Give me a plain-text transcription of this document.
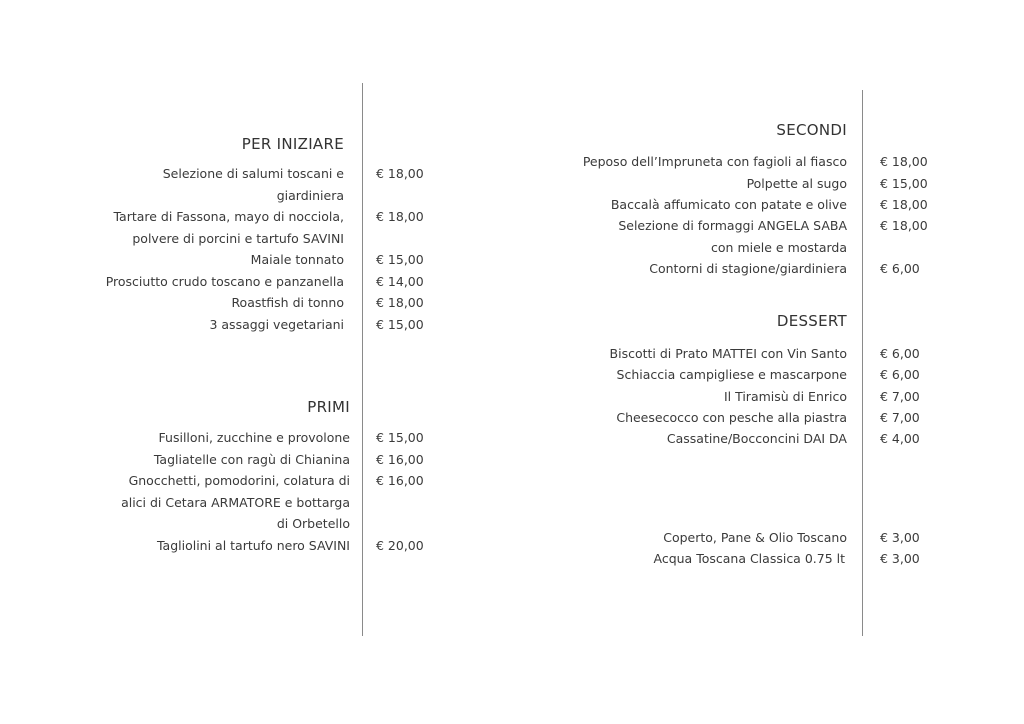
PER INIZIARE
Selezione di salumi toscani e
giardiniera
€ 18,00
Tartare di Fassona, mayo di nocciola,
polvere di porcini e tartufo SAVINI
€ 18,00
Maiale tonnato	€ 15,00
Prosciutto crudo toscano e panzanella	€ 14,00
Roastfish di tonno	€ 18,00
3 assaggi vegetariani	€ 15,00
PRIMI
Fusilloni, zucchine e provolone € 15,00
Tagliatelle con ragù di Chianina € 16,00
Gnocchetti, pomodorini, colatura di
alici di Cetara ARMATORE e bottarga
di Orbetello
€ 16,00
Tagliolini al tartufo nero SAVINI € 20,00
SECONDI
Peposo dell’Impruneta con fagioli al fiasco	€ 18,00
Polpette al sugo	€ 15,00
Baccalà affumicato con patate e olive	€ 18,00
Selezione di formaggi ANGELA SABA
con miele e mostarda
€ 18,00
Contorni di stagione/giardiniera	€ 6,00
DESSERT
Biscotti di Prato MATTEI con Vin Santo	€ 6,00
Schiaccia campigliese e mascarpone	€ 6,00
Il Tiramisù di Enrico	€ 7,00
Cheesecocco con pesche alla piastra	€ 7,00
Cassatine/Bocconcini DAI DA	€ 4,00
Coperto, Pane & Olio Toscano	€ 3,00
Acqua Toscana Classica 0.75 lt	€ 3,00
